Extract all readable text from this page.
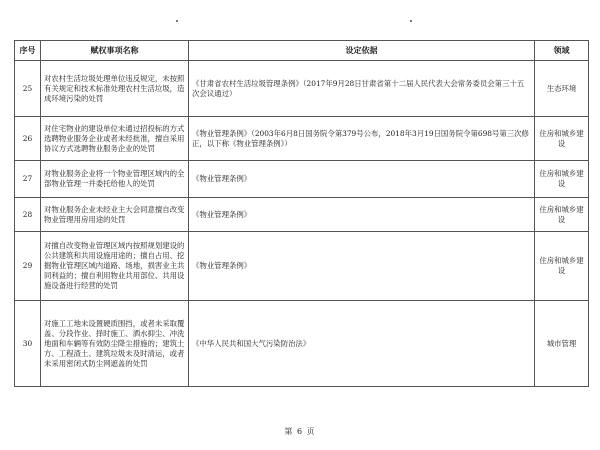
序号	赋权事项名称	设定依据	领域
25	对农村生活垃圾处理单位违反规定，未按照有关规定和技术标准处理农村生活垃圾，造成环境污染的处罚	《甘肃省农村生活垃圾管理条例》（2017年9月28日甘肃省第十二届人民代表大会常务委员会第三十五次会议通过）	生态环境
26	对住宅物业的建设单位未通过招投标的方式选聘物业服务企业或者未经批准，擅自采用协议方式选聘物业服务企业的处罚	《物业管理条例》（2003年6月8日国务院令第379号公布，2018年3月19日国务院令第698号第三次修正，以下称《物业管理条例》）	住房和城乡建设
27	对物业服务企业将一个物业管理区域内的全部物业管理一并委托给他人的处罚	《物业管理条例》	住房和城乡建设
28	对物业服务企业未经业主大会同意擅自改变物业管理用房用途的处罚	《物业管理条例》	住房和城乡建设
29	对擅自改变物业管理区域内按照规划建设的公共建筑和共用设施用途的；擅自占用、挖掘物业管理区域内道路、场地，损害业主共同利益的；擅自利用物业共用部位、共用设施设备进行经营的处罚	《物业管理条例》	住房和城乡建设
30	对施工工地未设置硬质围挡，或者未采取覆盖、分段作业、择时施工、洒水抑尘、冲洗地面和车辆等有效防尘降尘措施的；建筑土方、工程渣土、建筑垃圾未及时清运，或者未采用密闭式防尘网遮盖的处罚	《中华人民共和国大气污染防治法》	城市管理
第 6 页
